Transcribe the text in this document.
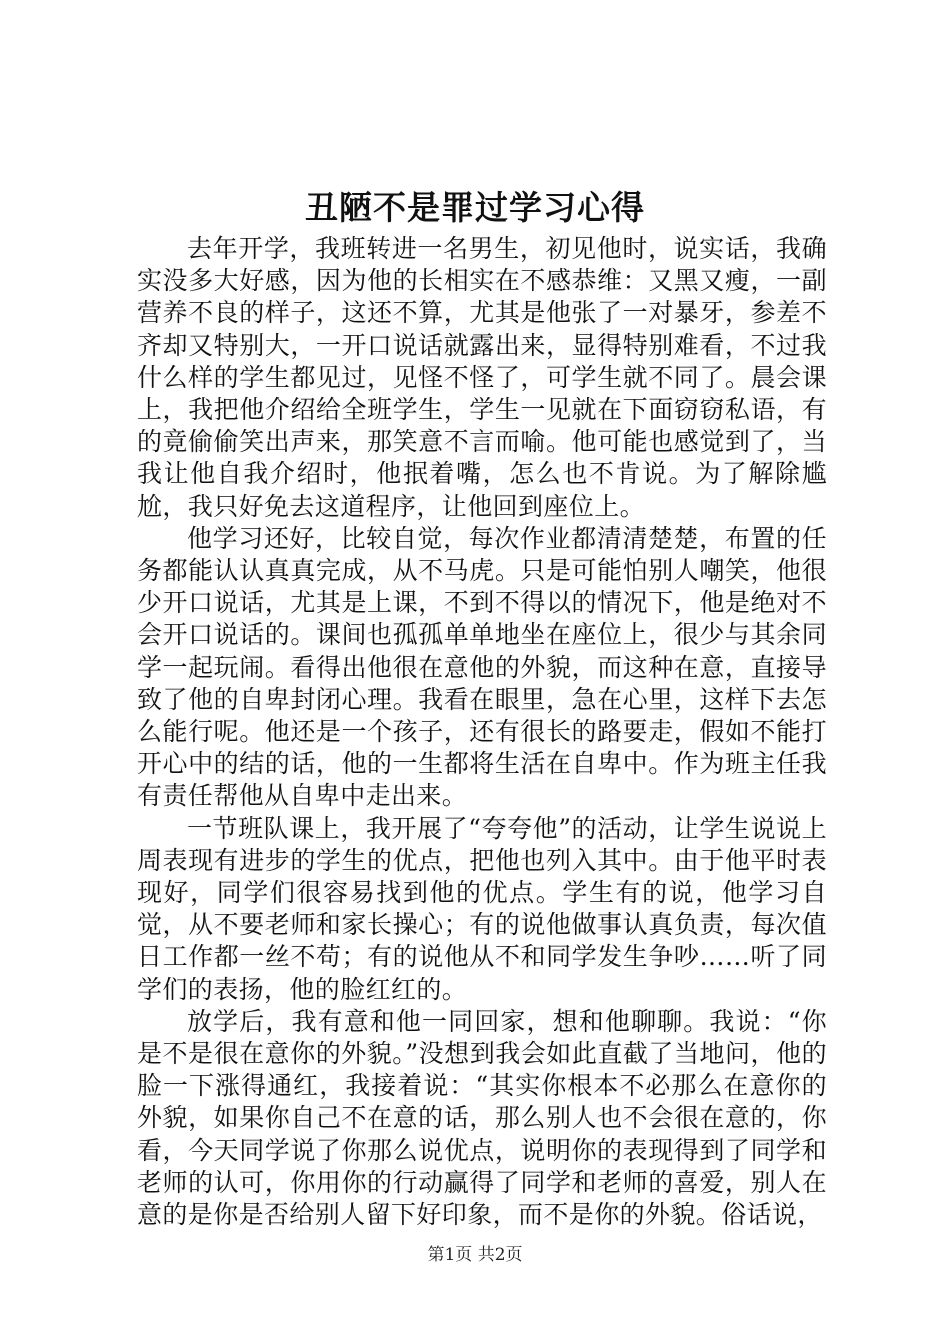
丑陋不是罪过学习心得

去年开学，我班转进一名男生，初见他时，说实话，我确实没多大好感，因为他的长相实在不感恭维：又黑又瘦，一副营养不良的样子，这还不算，尤其是他张了一对暴牙，参差不齐却又特别大，一开口说话就露出来，显得特别难看，不过我什么样的学生都见过，见怪不怪了，可学生就不同了。晨会课上，我把他介绍给全班学生，学生一见就在下面窃窃私语，有的竟偷偷笑出声来，那笑意不言而喻。他可能也感觉到了，当我让他自我介绍时，他抿着嘴，怎么也不肯说。为了解除尴尬，我只好免去这道程序，让他回到座位上。

他学习还好，比较自觉，每次作业都清清楚楚，布置的任务都能认认真真完成，从不马虎。只是可能怕别人嘲笑，他很少开口说话，尤其是上课，不到不得以的情况下，他是绝对不会开口说话的。课间也孤孤单单地坐在座位上，很少与其余同学一起玩闹。看得出他很在意他的外貌，而这种在意，直接导致了他的自卑封闭心理。我看在眼里，急在心里，这样下去怎么能行呢。他还是一个孩子，还有很长的路要走，假如不能打开心中的结的话，他的一生都将生活在自卑中。作为班主任我有责任帮他从自卑中走出来。

一节班队课上，我开展了“夸夸他”的活动，让学生说说上周表现有进步的学生的优点，把他也列入其中。由于他平时表现好，同学们很容易找到他的优点。学生有的说，他学习自觉，从不要老师和家长操心；有的说他做事认真负责，每次值日工作都一丝不苟；有的说他从不和同学发生争吵……听了同学们的表扬，他的脸红红的。

放学后，我有意和他一同回家，想和他聊聊。我说：“你是不是很在意你的外貌。”没想到我会如此直截了当地问，他的脸一下涨得通红，我接着说：“其实你根本不必那么在意你的外貌，如果你自己不在意的话，那么别人也不会很在意的，你看，今天同学说了你那么说优点，说明你的表现得到了同学和老师的认可，你用你的行动赢得了同学和老师的喜爱，别人在意的是你是否给别人留下好印象，而不是你的外貌。俗话说，

第1页 共2页
